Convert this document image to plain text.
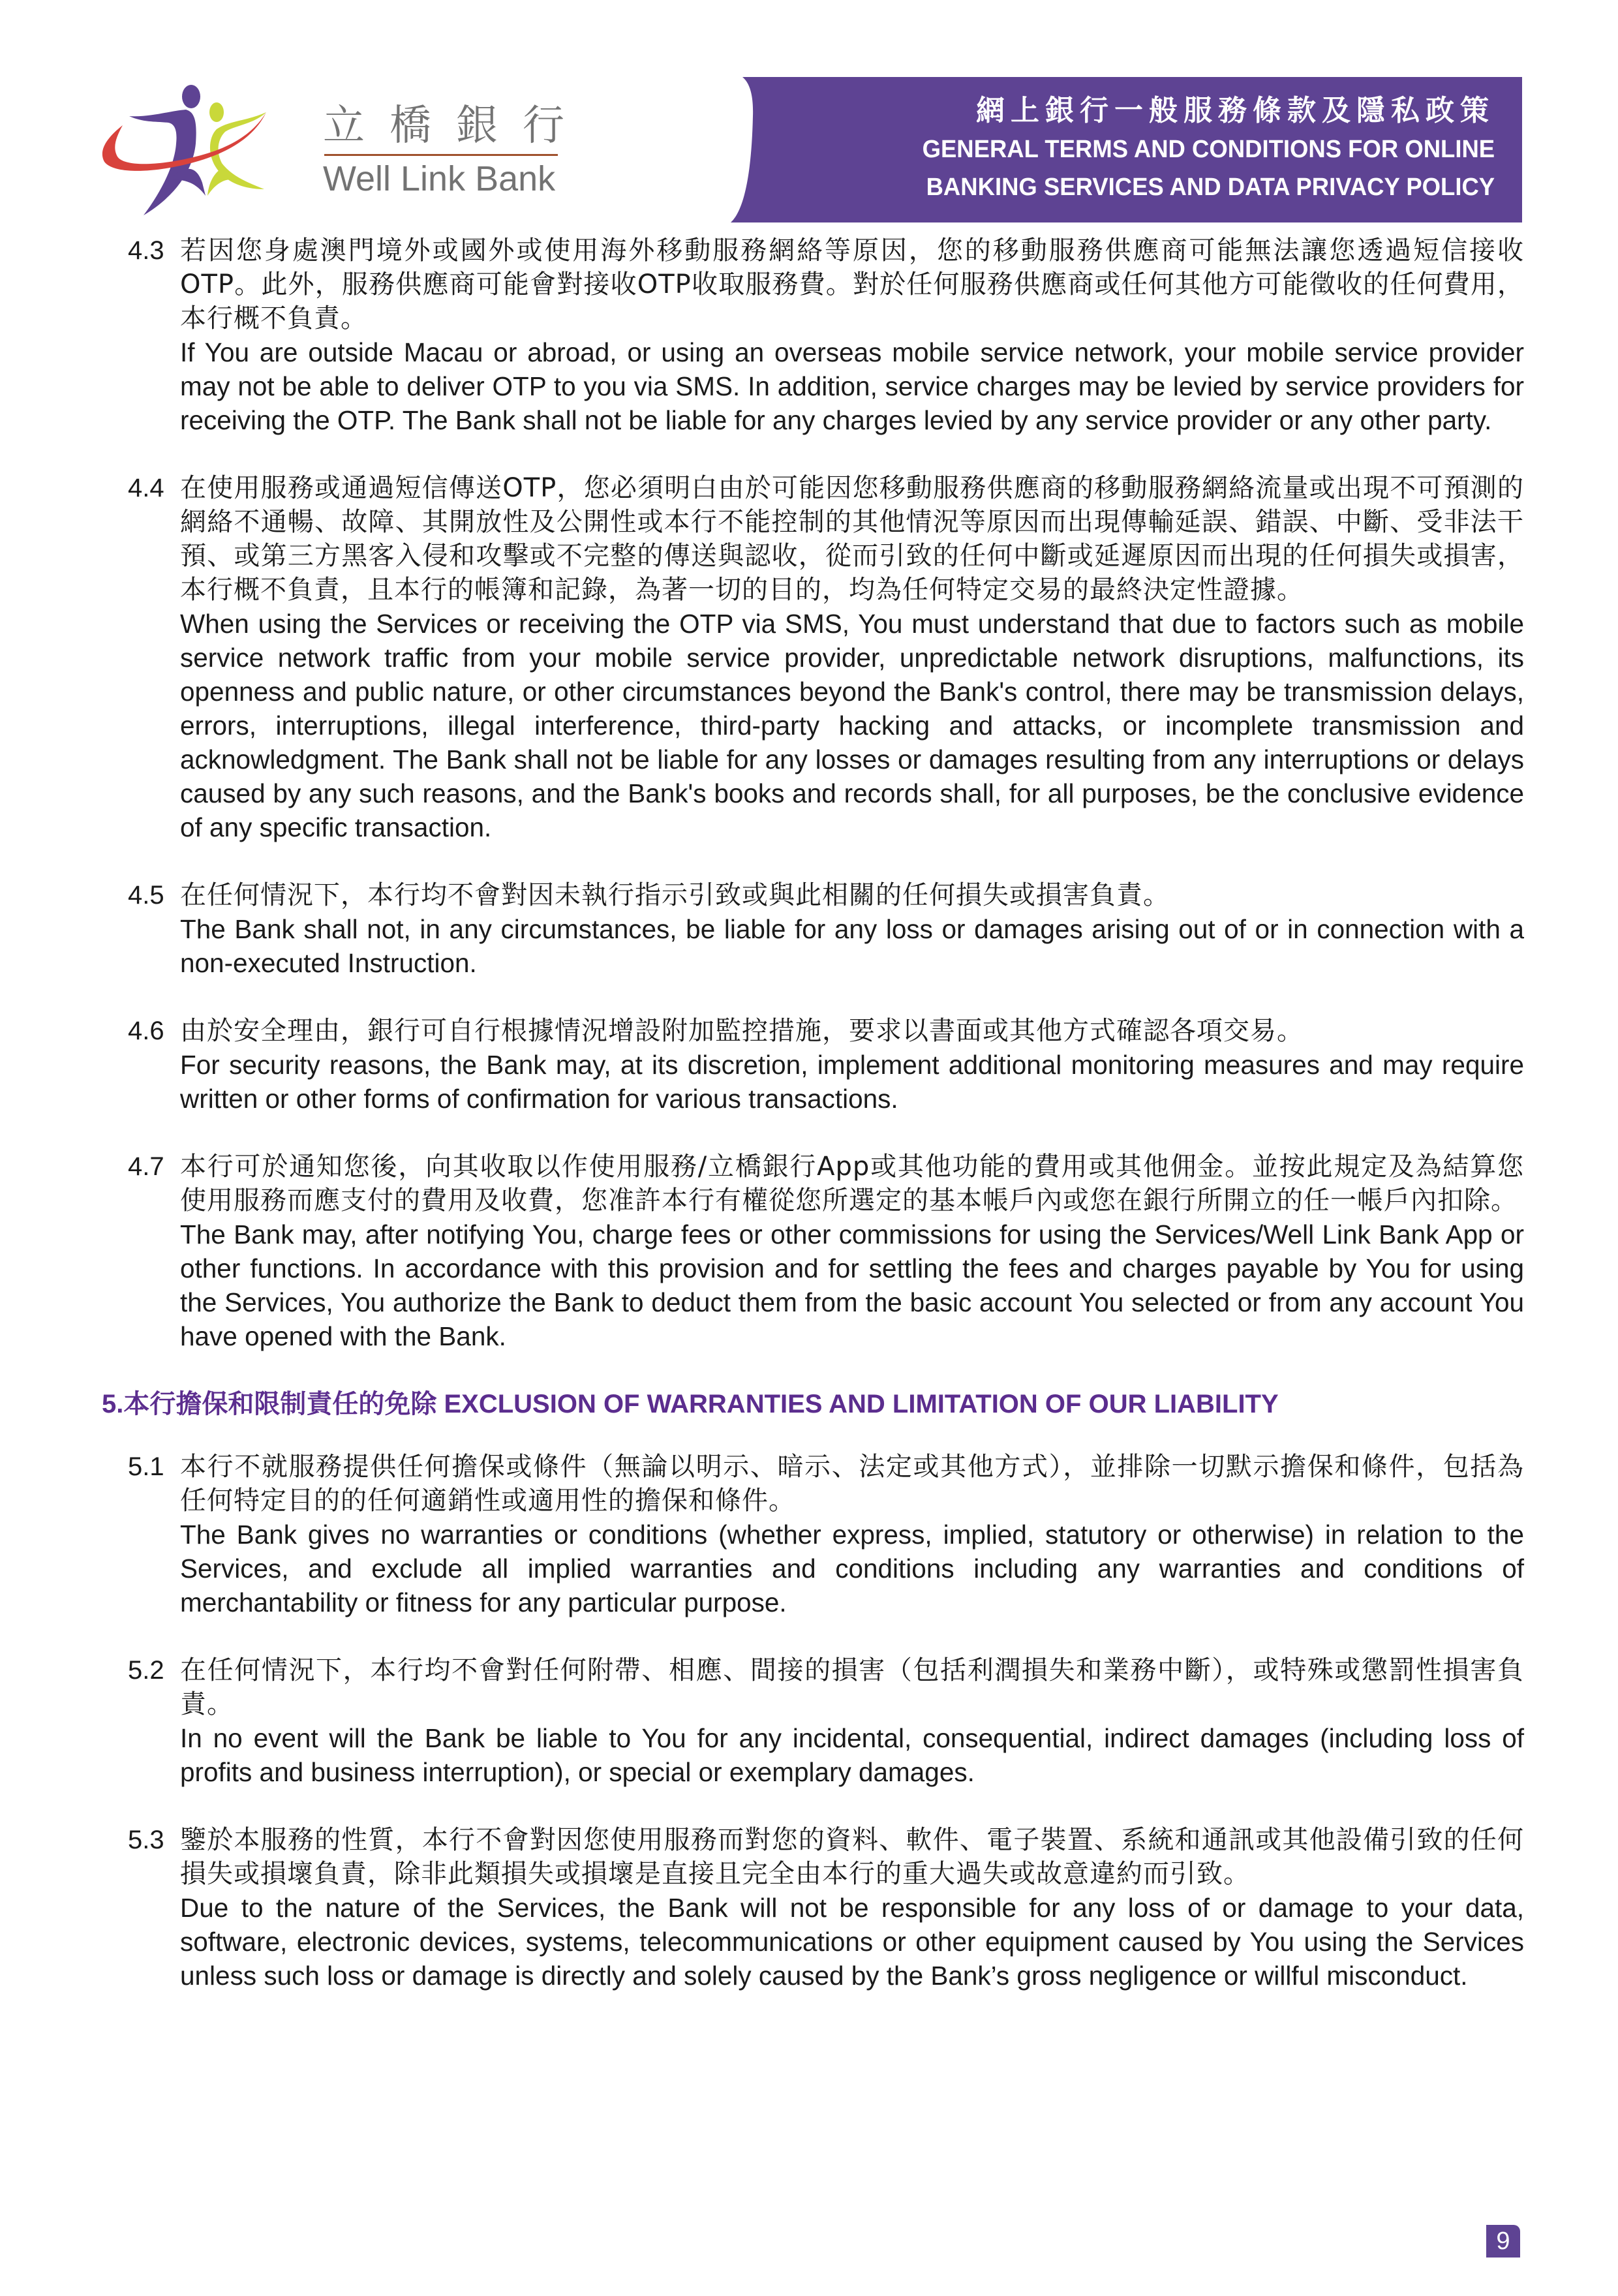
立橋銀行
Well Link Bank
網上銀行一般服務條款及隱私政策
GENERAL TERMS AND CONDITIONS FOR ONLINE
BANKING SERVICES AND DATA PRIVACY POLICY
4.3 若因您身處澳門境外或國外或使用海外移動服務網絡等原因，您的移動服務供應商可能無法讓您透過短信接收OTP。此外，服務供應商可能會對接收OTP收取服務費。對於任何服務供應商或任何其他方可能徵收的任何費用，本行概不負責。
If You are outside Macau or abroad, or using an overseas mobile service network, your mobile service provider may not be able to deliver OTP to you via SMS. In addition, service charges may be levied by service providers for receiving the OTP. The Bank shall not be liable for any charges levied by any service provider or any other party.
4.4 在使用服務或通過短信傳送OTP，您必須明白由於可能因您移動服務供應商的移動服務網絡流量或出現不可預測的網絡不通暢、故障、其開放性及公開性或本行不能控制的其他情況等原因而出現傳輸延誤、錯誤、中斷、受非法干預、或第三方黑客入侵和攻擊或不完整的傳送與認收，從而引致的任何中斷或延遲原因而出現的任何損失或損害，本行概不負責，且本行的帳簿和記錄，為著一切的目的，均為任何特定交易的最終決定性證據。
When using the Services or receiving the OTP via SMS, You must understand that due to factors such as mobile service network traffic from your mobile service provider, unpredictable network disruptions, malfunctions, its openness and public nature, or other circumstances beyond the Bank's control, there may be transmission delays, errors, interruptions, illegal interference, third-party hacking and attacks, or incomplete transmission and acknowledgment. The Bank shall not be liable for any losses or damages resulting from any interruptions or delays caused by any such reasons, and the Bank's books and records shall, for all purposes, be the conclusive evidence of any specific transaction.
4.5 在任何情況下，本行均不會對因未執行指示引致或與此相關的任何損失或損害負責。
The Bank shall not, in any circumstances, be liable for any loss or damages arising out of or in connection with a non-executed Instruction.
4.6 由於安全理由，銀行可自行根據情況增設附加監控措施，要求以書面或其他方式確認各項交易。
For security reasons, the Bank may, at its discretion, implement additional monitoring measures and may require written or other forms of confirmation for various transactions.
4.7 本行可於通知您後，向其收取以作使用服務/立橋銀行App或其他功能的費用或其他佣金。並按此規定及為結算您使用服務而應支付的費用及收費，您准許本行有權從您所選定的基本帳戶內或您在銀行所開立的任一帳戶內扣除。
The Bank may, after notifying You, charge fees or other commissions for using the Services/Well Link Bank App or other functions. In accordance with this provision and for settling the fees and charges payable by You for using the Services, You authorize the Bank to deduct them from the basic account You selected or from any account You have opened with the Bank.
5.本行擔保和限制責任的免除 EXCLUSION OF WARRANTIES AND LIMITATION OF OUR LIABILITY
5.1 本行不就服務提供任何擔保或條件（無論以明示、暗示、法定或其他方式），並排除一切默示擔保和條件，包括為任何特定目的的任何適銷性或適用性的擔保和條件。
The Bank gives no warranties or conditions (whether express, implied, statutory or otherwise) in relation to the Services, and exclude all implied warranties and conditions including any warranties and conditions of merchantability or fitness for any particular purpose.
5.2 在任何情況下，本行均不會對任何附帶、相應、間接的損害（包括利潤損失和業務中斷），或特殊或懲罰性損害負責。
In no event will the Bank be liable to You for any incidental, consequential, indirect damages (including loss of profits and business interruption), or special or exemplary damages.
5.3 鑒於本服務的性質，本行不會對因您使用服務而對您的資料、軟件、電子裝置、系統和通訊或其他設備引致的任何損失或損壞負責，除非此類損失或損壞是直接且完全由本行的重大過失或故意違約而引致。
Due to the nature of the Services, the Bank will not be responsible for any loss of or damage to your data, software, electronic devices, systems, telecommunications or other equipment caused by You using the Services unless such loss or damage is directly and solely caused by the Bank’s gross negligence or willful misconduct.
9
